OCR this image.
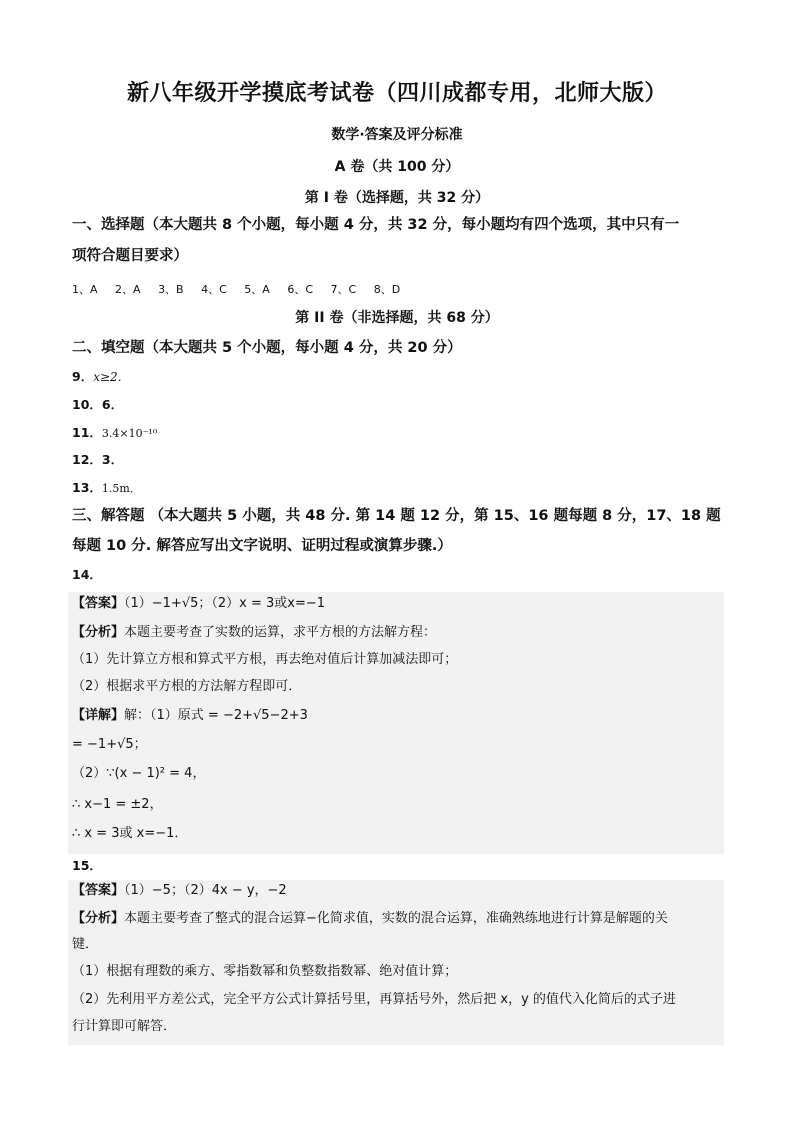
新八年级开学摸底考试卷（四川成都专用，北师大版）
数学·答案及评分标准
A 卷（共 100 分）
第 I 卷（选择题，共 32 分）
一、选择题（本大题共 8 个小题，每小题 4 分，共 32 分，每小题均有四个选项，其中只有一
项符合题目要求）
1、A 2、A 3、B 4、C 5、A 6、C 7、C 8、D
第 II 卷（非选择题，共 68 分）
二、填空题（本大题共 5 个小题，每小题 4 分，共 20 分）
9．x≥2．
10．6．
11．3.4×10⁻¹⁰
12．3．
13．1.5m．
三、解答题 （本大题共 5 小题，共 48 分. 第 14 题 12 分，第 15、16 题每题 8 分，17、18 题
每题 10 分. 解答应写出文字说明、证明过程或演算步骤.）
14．
【答案】（1）−1+√5；（2）x = 3或x=−1
【分析】本题主要考查了实数的运算，求平方根的方法解方程：
（1）先计算立方根和算式平方根，再去绝对值后计算加减法即可；
（2）根据求平方根的方法解方程即可．
【详解】解：（1）原式 = −2+√5−2+3
= −1+√5；
（2）∵(x − 1)² = 4，
∴ x−1 = ±2，
∴ x = 3或 x=−1．
15．
【答案】（1）−5；（2）4x − y，−2
【分析】本题主要考查了整式的混合运算−化简求值，实数的混合运算，准确熟练地进行计算是解题的关
键．
（1）根据有理数的乘方、零指数幂和负整数指数幂、绝对值计算；
（2）先利用平方差公式，完全平方公式计算括号里，再算括号外，然后把 x，y 的值代入化简后的式子进
行计算即可解答．
